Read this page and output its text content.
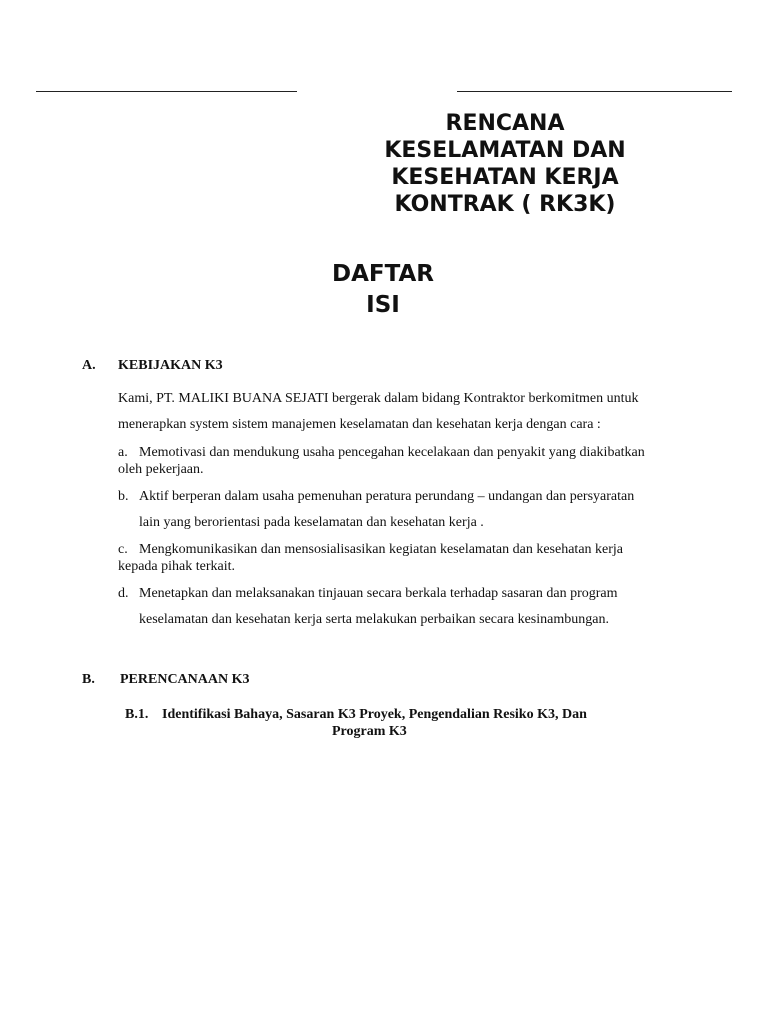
RENCANA
KESELAMATAN DAN
KESEHATAN KERJA
KONTRAK ( RK3K)
DAFTAR
ISI
A. KEBIJAKAN K3
Kami, PT. MALIKI BUANA SEJATI bergerak dalam bidang Kontraktor berkomitmen untuk
menerapkan system sistem manajemen keselamatan dan kesehatan kerja dengan cara :
a. Memotivasi dan mendukung usaha pencegahan kecelakaan dan penyakit yang diakibatkan
oleh pekerjaan.
b. Aktif berperan dalam usaha pemenuhan peratura perundang – undangan dan persyaratan
lain yang berorientasi pada keselamatan dan kesehatan kerja .
c. Mengkomunikasikan dan mensosialisasikan kegiatan keselamatan dan kesehatan kerja
kepada pihak terkait.
d. Menetapkan dan melaksanakan tinjauan secara berkala terhadap sasaran dan program
keselamatan dan kesehatan kerja serta melakukan perbaikan secara kesinambungan.
B. PERENCANAAN K3
B.1. Identifikasi Bahaya, Sasaran K3 Proyek, Pengendalian Resiko K3, Dan
Program K3
